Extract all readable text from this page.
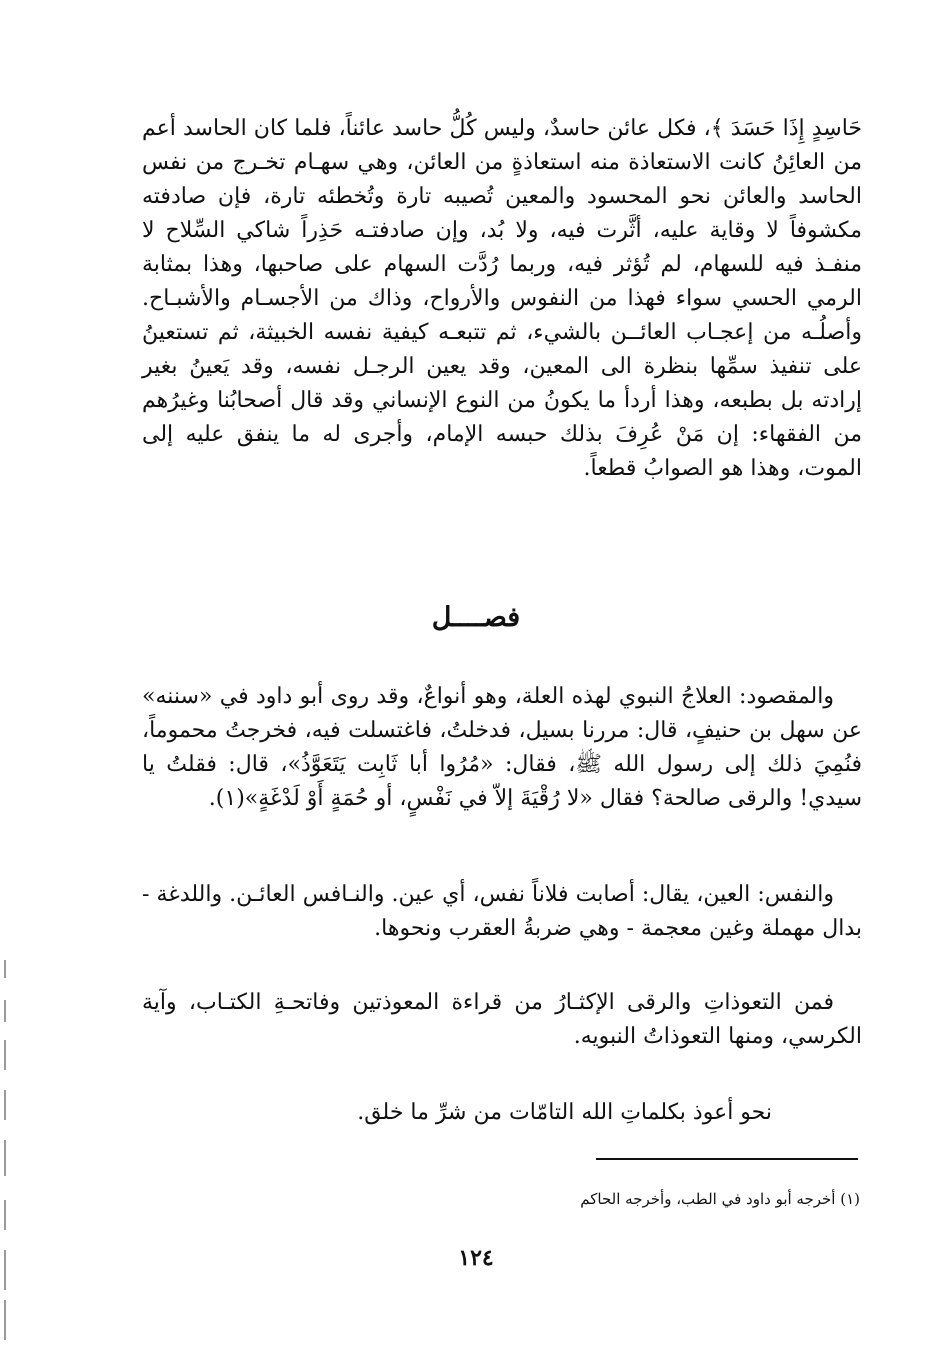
حَاسِدٍ إِذَا حَسَدَ ﴾، فكل عائن حاسدٌ، وليس كُلُّ حاسد عائناً، فلما كان الحاسد أعم من العائِنُ كانت الاستعاذة منه استعاذةٍ من العائن، وهي سهـام تخـرج من نفس الحاسد والعائن نحو المحسود والمعين تُصيبه تارة وتُخطئه تارة، فإن صادفته مكشوفاً لا وقاية عليه، أثَّرت فيه، ولا بُد، وإن صادفتـه حَذِراً شاكي السِّلاح لا منفـذ فيه للسهام، لم تُؤثر فيه، وربما رُدَّت السهام على صاحبها، وهذا بمثابة الرمي الحسي سواء فهذا من النفوس والأرواح، وذاك من الأجسـام والأشبـاح. وأصلُـه من إعجـاب العائــن بالشيء، ثم تتبعـه كيفية نفسه الخبيثة، ثم تستعينُ على تنفيذ سمِّها بنظرة الى المعين، وقد يعين الرجـل نفسه، وقد يَعينُ بغير إرادته بل بطبعه، وهذا أردأ ما يكونُ من النوع الإنساني وقد قال أصحابُنا وغيرُهم من الفقهاء: إن مَنْ عُرِفَ بذلك حبسه الإمام، وأجرى له ما ينفق عليه إلى الموت، وهذا هو الصوابُ قطعاً.

فصــــل

والمقصود: العلاجُ النبوي لهذه العلة، وهو أنواعٌ، وقد روى أبو داود في «سننه» عن سهل بن حنيفٍ، قال: مررنا بسيل، فدخلتُ، فاغتسلت فيه، فخرجتُ محموماً، فنُمِيَ ذلك إلى رسول الله ﷺ، فقال: «مُرُوا أبا ثَابِت يَتَعَوَّذُ»، قال: فقلتُ يا سيدي! والرقى صالحة؟ فقال «لا رُقْيَةَ إلاّ في نَفْسٍ، أو حُمَةٍ أَوْ لَدْغَةٍ»(١).

والنفس: العين، يقال: أصابت فلاناً نفس، أي عين. والنـافس العائـن. واللدغة - بدال مهملة وغين معجمة - وهي ضربةُ العقرب ونحوها.

فمن التعوذاتِ والرقى الإكثـارُ من قراءة المعوذتين وفاتحـةِ الكتـاب، وآية الكرسي، ومنها التعوذاتُ النبويه.

نحو أعوذ بكلماتِ الله التامّات من شرِّ ما خلق.

(١) أخرجه أبو داود في الطب، وأخرجه الحاكم
١٢٤
